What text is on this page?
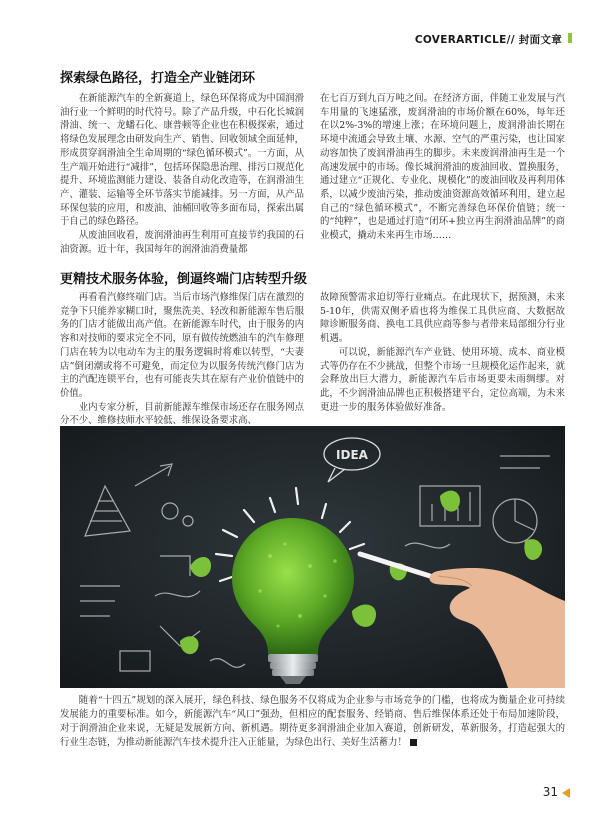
COVERARTICLE// 封面文章
探索绿色路径，打造全产业链闭环

在新能源汽车的全新赛道上，绿色环保将成为中国润滑油行业一个鲜明的时代符号。除了产品升级，中石化长城润滑油、统一、龙蟠石化、康普顿等企业也在积极探索，通过将绿色发展理念由研发向生产、销售、回收领域全面延伸，形成贯穿润滑油全生命周期的“绿色循环模式”。一方面，从生产端开始进行“减排”，包括环保隐患治理、排污口规范化提升、环境监测能力建设、装备自动化改造等，在润滑油生产、灌装、运输等全环节落实节能减排。另一方面，从产品环保包装的应用，和废油、油桶回收等多面布局，探索出属于自己的绿色路径。

从废油回收看，废润滑油再生利用可直接节约我国的石油资源。近十年，我国每年的润滑油消费量都

在七百万到九百万吨之间。在经济方面，伴随工业发展与汽车用量的飞速猛涨，废润滑油的市场价额在60%，每年还在以2%-3%的增速上涨；在环境问题上，废润滑油长期在环境中流通会导致土壤、水源、空气的严重污染，也让国家动容加快了废润滑油再生的脚步。未来废润滑油再生是一个高速发展中的市场。像长城润滑油的废油回收、置换服务，通过建立“正规化、专业化、规模化”的废油回收及再利用体系，以减少废油污染，推动废油资源高效循环利用，建立起自己的“绿色循环模式”，不断完善绿色环保价值链；统一的“纯粹”，也是通过打造“闭环+独立再生润滑油品牌”的商业模式，撬动未来再生市场……

更精技术服务体验，倒逼终端门店转型升级

再看看汽修终端门店。当后市场汽修维保门店在激烈的竞争下只能养家糊口时，聚焦洗美、轻改和新能源车售后服务的门店才能做出高产值。在新能源车时代，由于服务的内容和对技师的要求完全不同，原有做传统燃油车的汽车修理门店在转为以电动车为主的服务逻辑时将难以转型，“夫妻店”倒闭潮或将不可避免，而定位为以服务传统汽修门店为主的汽配连锁平台，也有可能丧失其在原有产业价值链中的价值。

业内专家分析，目前新能源车维保市场还存在服务网点分不少、维修技师水平较低、维保设备要求高、

故障预警需求迫切等行业痛点。在此现状下，据预测，未来5-10年，供需双侧矛盾也将为维保工具供应商、大数据故障诊断服务商、换电工具供应商等参与者带来局部细分行业机遇。

可以说，新能源汽车产业链、使用环境、成本、商业模式等仍存在不少挑战，但整个市场一旦规模化运作起来，就会释放出巨大潜力，新能源汽车后市场更要未雨绸缪。对此，不少润滑油品牌也正积极搭建平台，定位高端，为未来更进一步的服务体验做好准备。

IDEA

随着“十四五”规划的深入展开，绿色科技、绿色服务不仅将成为企业参与市场竞争的门槛，也将成为衡量企业可持续发展能力的重要标准。如今，新能源汽车“风口”强劲，但相应的配套服务、经销商、售后维保体系还处于布局加速阶段，对于润滑油企业来说，无疑是发展新方向、新机遇。期待更多润滑油企业加入赛道，创新研发，革新服务，打造起强大的行业生态链，为推动新能源汽车技术提升注入正能量，为绿色出行、美好生活蓄力！

31
